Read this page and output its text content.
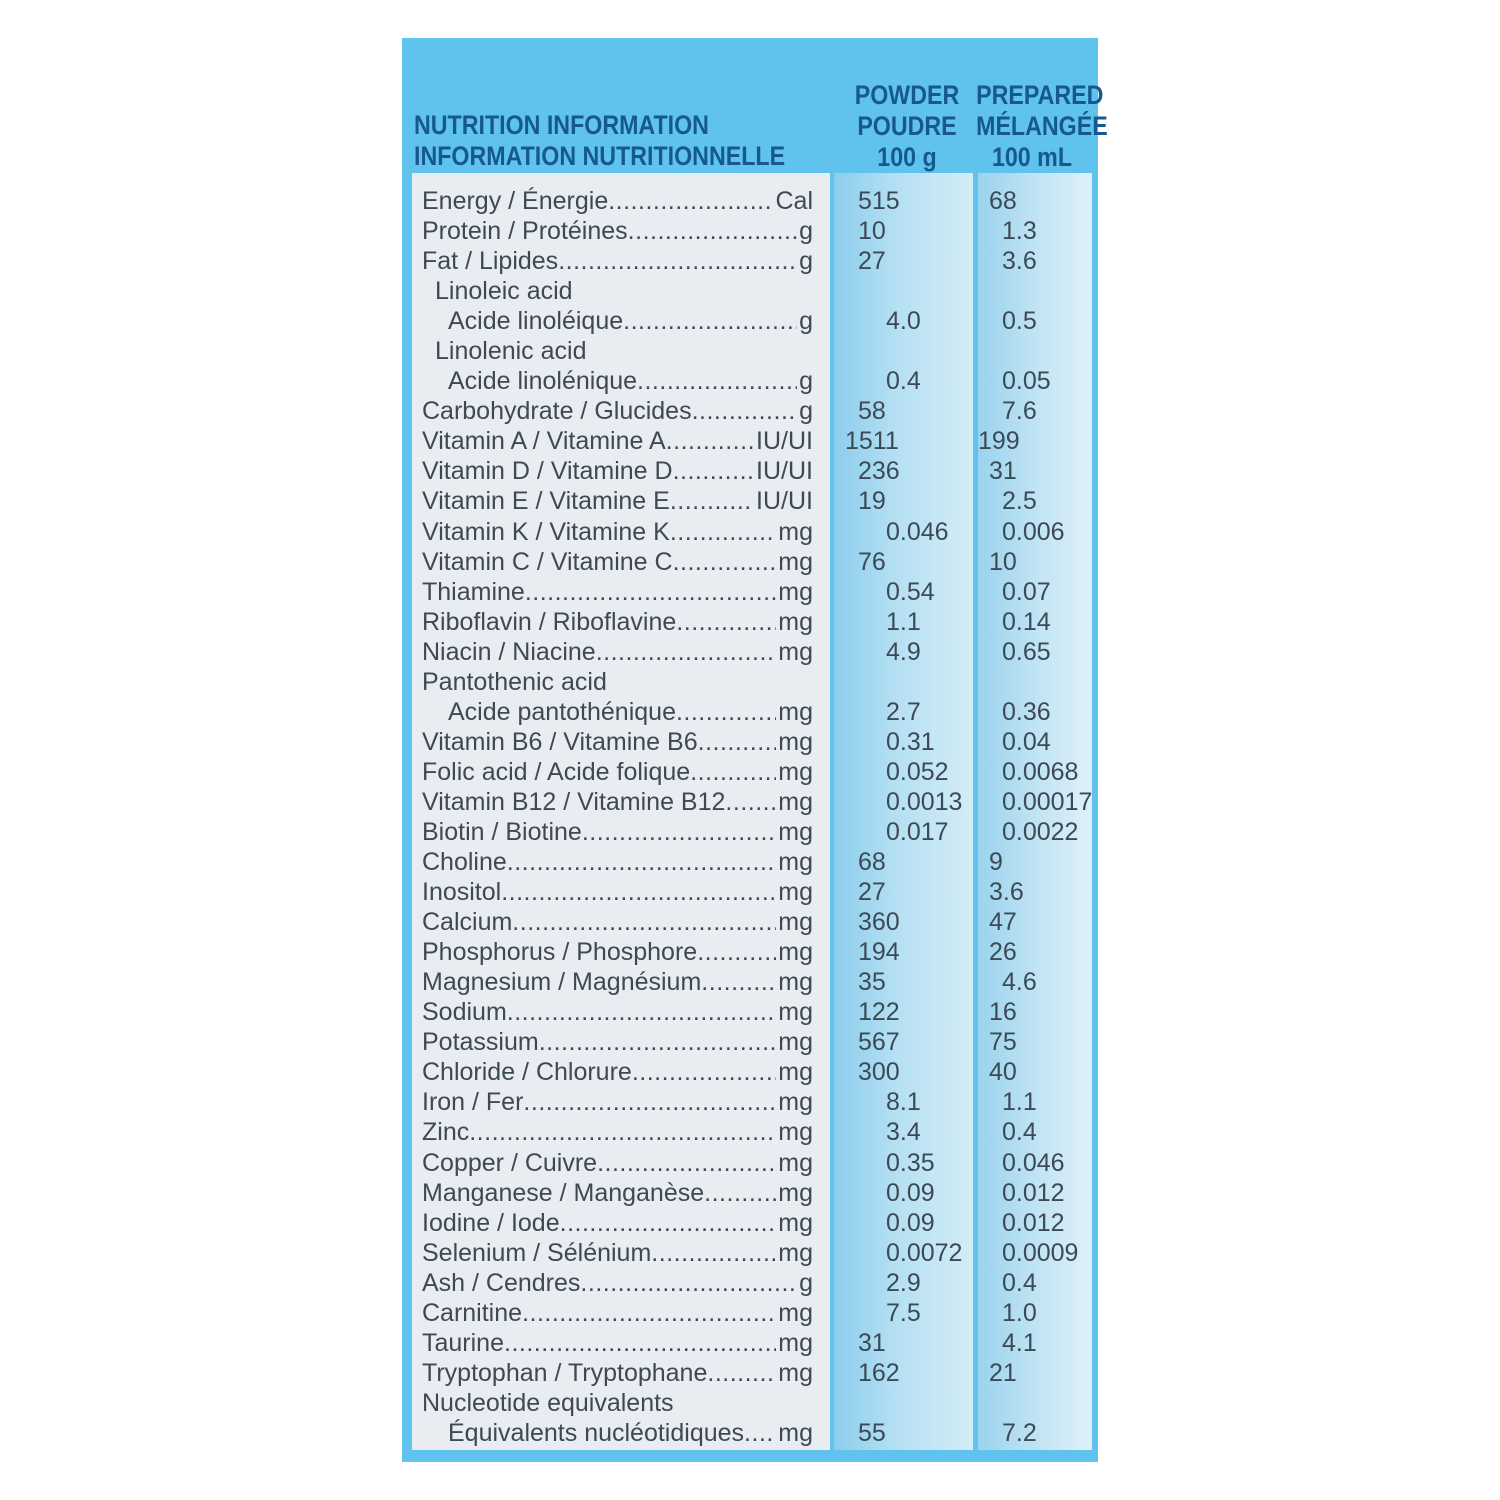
NUTRITION INFORMATION
INFORMATION NUTRITIONNELLE
POWDER
POUDRE
100 g
PREPARED
MÉLANGÉE
100 mL
Energy / Énergie .....	Cal	515	68
Protein / Protéines .....	g	10	1.3
Fat / Lipides .....	g	27	3.6
Linoleic acid
Acide linoléique .....	g	4.0	0.5
Linolenic acid
Acide linolénique .....	g	0.4	0.05
Carbohydrate / Glucides .....	g	58	7.6
Vitamin A / Vitamine A .....	IU/UI 1511	199
Vitamin D / Vitamine D .....	IU/UI	236	31
Vitamin E / Vitamine E .....	IU/UI	19	2.5
Vitamin K / Vitamine K .....	mg	0.046	0.006
Vitamin C / Vitamine C .....	mg	76	10
Thiamine .....	mg	0.54	0.07
Riboflavin / Riboflavine .....	mg	1.1	0.14
Niacin / Niacine .....	mg	4.9	0.65
Pantothenic acid
Acide pantothénique .....	mg	2.7	0.36
Vitamin B6 / Vitamine B6 .....	mg	0.31	0.04
Folic acid / Acide folique .....	mg	0.052	0.0068
Vitamin B12 / Vitamine B12 ..... mg	0.0013	0.00017
Biotin / Biotine .....	mg	0.017	0.0022
Choline .....	mg	68	9
Inositol .....	mg	27	3.6
Calcium .....	mg	360	47
Phosphorus / Phosphore .....	mg	194	26
Magnesium / Magnésium .....	mg	35	4.6
Sodium .....	mg	122	16
Potassium .....	mg	567	75
Chloride / Chlorure .....	mg	300	40
Iron / Fer .....	mg	8.1	1.1
Zinc .....	mg	3.4	0.4
Copper / Cuivre .....	mg	0.35	0.046
Manganese / Manganèse .....	mg	0.09	0.012
Iodine / Iode .....	mg	0.09	0.012
Selenium / Sélénium .....	mg	0.0072	0.0009
Ash / Cendres .....	g	2.9	0.4
Carnitine .....	mg	7.5	1.0
Taurine .....	mg	31	4.1
Tryptophan / Tryptophane .....	mg	162	21
Nucleotide equivalents
Équivalents nucléotidiques ..... mg	55	7.2
